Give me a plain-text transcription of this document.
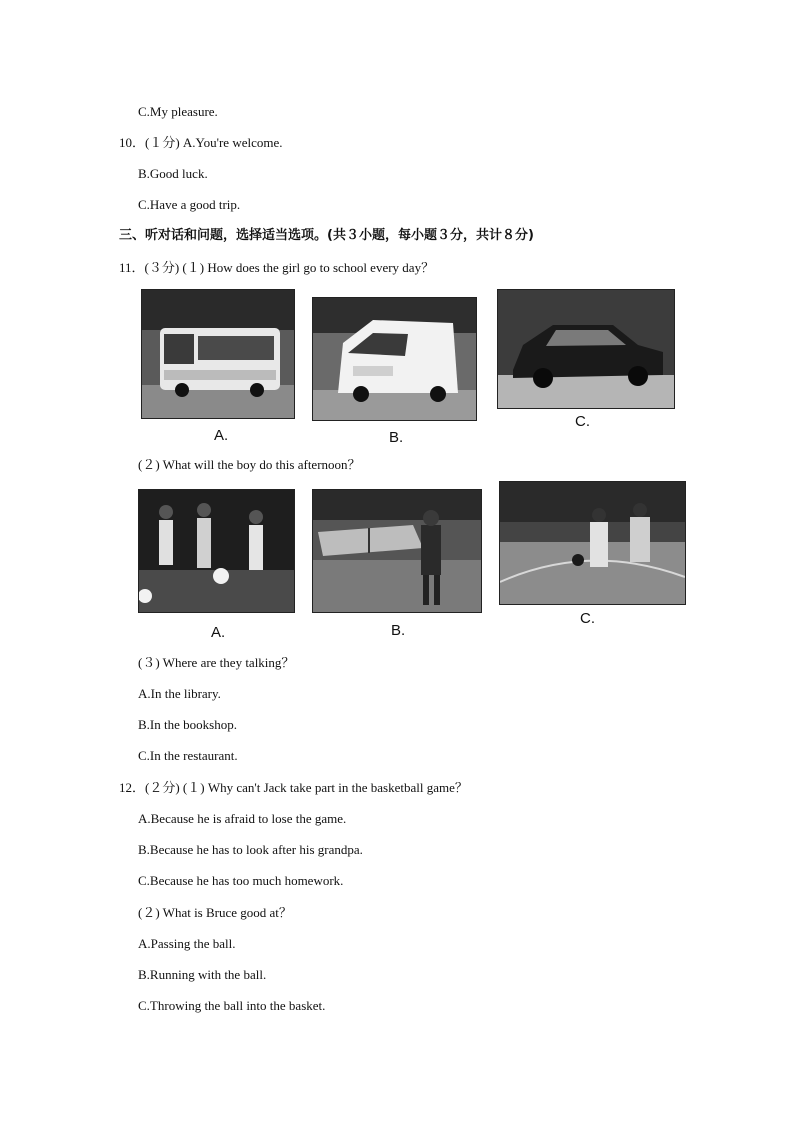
C.My pleasure.
10．(１分) A.You're welcome.
B.Good luck.
C.Have a good trip.
三、听对话和问题，选择适当选项。(共３小题，每小题３分，共计８分)
11．(３分) (１) How does the girl go to school every day？
A.	B.
C.
(２) What will the boy do this afternoon？
A.	B.
C.
(３) Where are they talking？
A.In the library.
B.In the bookshop.
C.In the restaurant.
12．(２分) (１) Why can't Jack take part in the basketball game？
A.Because he is afraid to lose the game.
B.Because he has to look after his grandpa.
C.Because he has too much homework.
(２) What is Bruce good at？
A.Passing the ball.
B.Running with the ball.
C.Throwing the ball into the basket.
